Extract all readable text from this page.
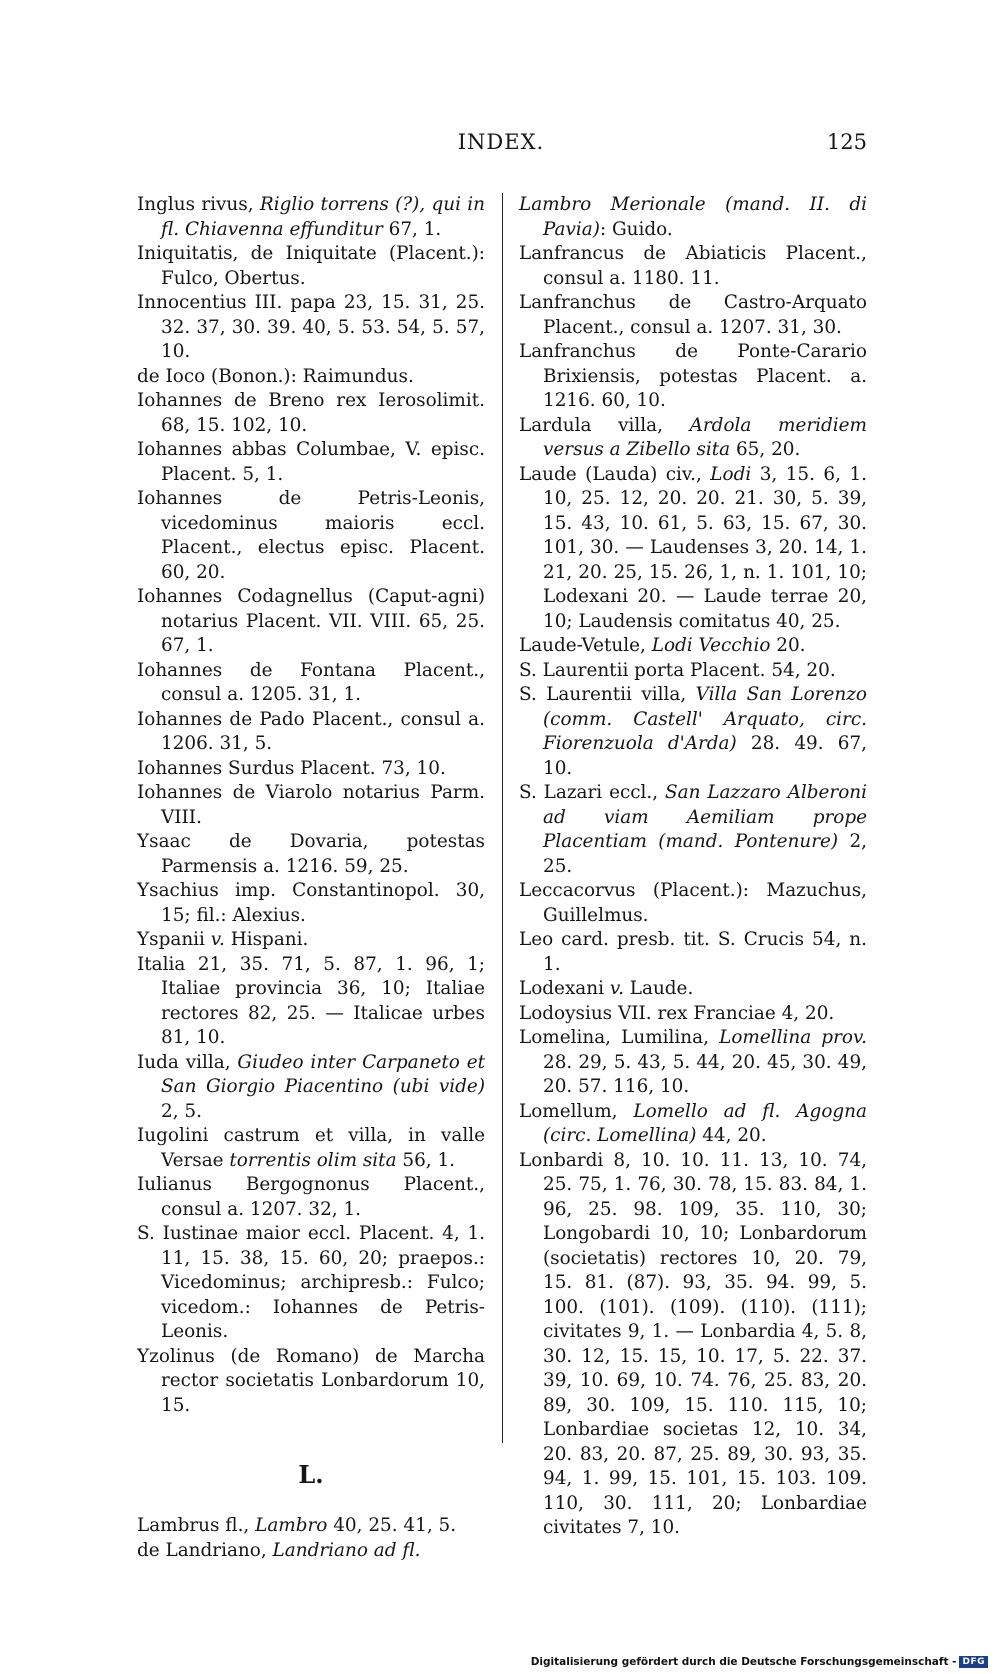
INDEX.	125

Inglus rivus, Riglio torrens (?), qui in fl. Chiavenna effunditur 67, 1.

Iniquitatis, de Iniquitate (Placent.): Fulco, Obertus.

Innocentius III. papa 23, 15. 31, 25. 32. 37, 30. 39. 40, 5. 53. 54, 5. 57, 10.

de Ioco (Bonon.): Raimundus.

Iohannes de Breno rex Ierosolimit. 68, 15. 102, 10.

Iohannes abbas Columbae, V. episc. Placent. 5, 1.

Iohannes de Petris-Leonis, vicedominus maioris eccl. Placent., electus episc. Placent. 60, 20.

Iohannes Codagnellus (Caput-agni) notarius Placent. VII. VIII. 65, 25. 67, 1.

Iohannes de Fontana Placent., consul a. 1205. 31, 1.

Iohannes de Pado Placent., consul a. 1206. 31, 5.

Iohannes Surdus Placent. 73, 10.

Iohannes de Viarolo notarius Parm. VIII.

Ysaac de Dovaria, potestas Parmensis a. 1216. 59, 25.

Ysachius imp. Constantinopol. 30, 15; fil.: Alexius.

Yspanii v. Hispani.

Italia 21, 35. 71, 5. 87, 1. 96, 1; Italiae provincia 36, 10; Italiae rectores 82, 25. — Italicae urbes 81, 10.

Iuda villa, Giudeo inter Carpaneto et San Giorgio Piacentino (ubi vide) 2, 5.

Iugolini castrum et villa, in valle Versae torrentis olim sita 56, 1.

Iulianus Bergognonus Placent., consul a. 1207. 32, 1.

S. Iustinae maior eccl. Placent. 4, 1. 11, 15. 38, 15. 60, 20; praepos.: Vicedominus; archipresb.: Fulco; vicedom.: Iohannes de Petris-Leonis.

Yzolinus (de Romano) de Marcha rector societatis Lonbardorum 10, 15.

L.

Lambrus fl., Lambro 40, 25. 41, 5.

de Landriano, Landriano ad fl.

Lambro Merionale (mand. II. di Pavia): Guido.

Lanfrancus de Abiaticis Placent., consul a. 1180. 11.

Lanfranchus de Castro-Arquato Placent., consul a. 1207. 31, 30.

Lanfranchus de Ponte-Carario Brixiensis, potestas Placent. a. 1216. 60, 10.

Lardula villa, Ardola meridiem versus a Zibello sita 65, 20.

Laude (Lauda) civ., Lodi 3, 15. 6, 1. 10, 25. 12, 20. 20. 21. 30, 5. 39, 15. 43, 10. 61, 5. 63, 15. 67, 30. 101, 30. — Laudenses 3, 20. 14, 1. 21, 20. 25, 15. 26, 1, n. 1. 101, 10; Lodexani 20. — Laude terrae 20, 10; Laudensis comitatus 40, 25.

Laude-Vetule, Lodi Vecchio 20.

S. Laurentii porta Placent. 54, 20.

S. Laurentii villa, Villa San Lorenzo (comm. Castell' Arquato, circ. Fiorenzuola d'Arda) 28. 49. 67, 10.

S. Lazari eccl., San Lazzaro Alberoni ad viam Aemiliam prope Placentiam (mand. Pontenure) 2, 25.

Leccacorvus (Placent.): Mazuchus, Guillelmus.

Leo card. presb. tit. S. Crucis 54, n. 1.

Lodexani v. Laude.

Lodoysius VII. rex Franciae 4, 20.

Lomelina, Lumilina, Lomellina prov. 28. 29, 5. 43, 5. 44, 20. 45, 30. 49, 20. 57. 116, 10.

Lomellum, Lomello ad fl. Agogna (circ. Lomellina) 44, 20.

Lonbardi 8, 10. 10. 11. 13, 10. 74, 25. 75, 1. 76, 30. 78, 15. 83. 84, 1. 96, 25. 98. 109, 35. 110, 30; Longobardi 10, 10; Lonbardorum (societatis) rectores 10, 20. 79, 15. 81. (87). 93, 35. 94. 99, 5. 100. (101). (109). (110). (111); civitates 9, 1. — Lonbardia 4, 5. 8, 30. 12, 15. 15, 10. 17, 5. 22. 37. 39, 10. 69, 10. 74. 76, 25. 83, 20. 89, 30. 109, 15. 110. 115, 10; Lonbardiae societas 12, 10. 34, 20. 83, 20. 87, 25. 89, 30. 93, 35. 94, 1. 99, 15. 101, 15. 103. 109. 110, 30. 111, 20; Lonbardiae civitates 7, 10.

Digitalisierung gefördert durch die Deutsche Forschungsgemeinschaft - DFG
